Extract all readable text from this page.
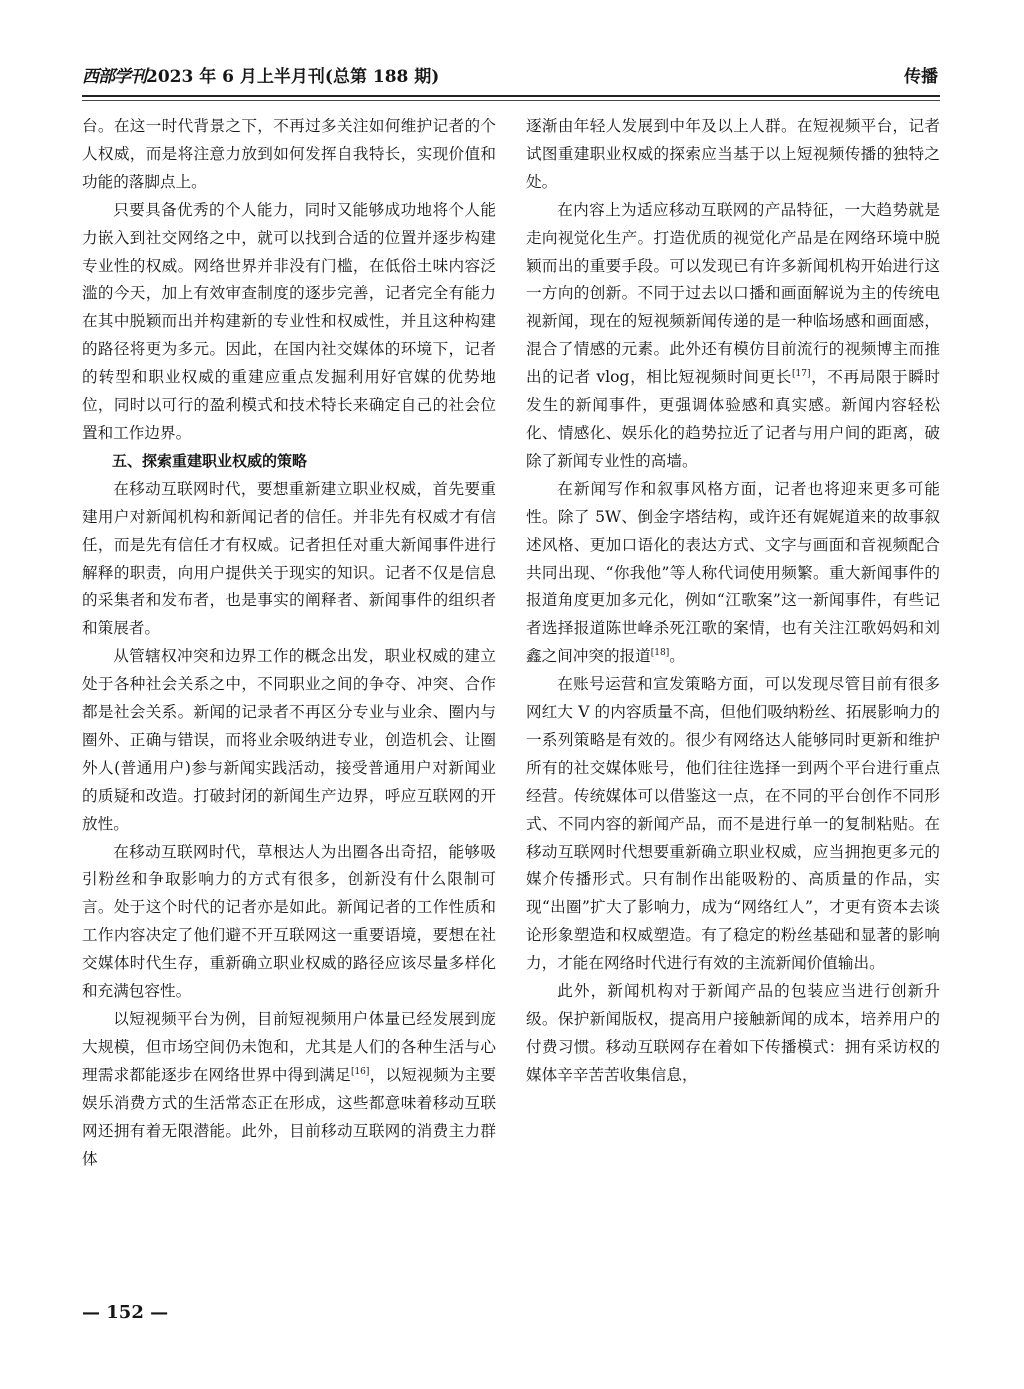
西部学刊2023 年 6 月上半月刊(总第 188 期)	传播

台。在这一时代背景之下，不再过多关注如何维护记者的个人权威，而是将注意力放到如何发挥自我特长，实现价值和功能的落脚点上。

只要具备优秀的个人能力，同时又能够成功地将个人能力嵌入到社交网络之中，就可以找到合适的位置并逐步构建专业性的权威。网络世界并非没有门槛，在低俗土味内容泛滥的今天，加上有效审查制度的逐步完善，记者完全有能力在其中脱颖而出并构建新的专业性和权威性，并且这种构建的路径将更为多元。因此，在国内社交媒体的环境下，记者的转型和职业权威的重建应重点发掘利用好官媒的优势地位，同时以可行的盈利模式和技术特长来确定自己的社会位置和工作边界。

五、探索重建职业权威的策略

在移动互联网时代，要想重新建立职业权威，首先要重建用户对新闻机构和新闻记者的信任。并非先有权威才有信任，而是先有信任才有权威。记者担任对重大新闻事件进行解释的职责，向用户提供关于现实的知识。记者不仅是信息的采集者和发布者，也是事实的阐释者、新闻事件的组织者和策展者。

从管辖权冲突和边界工作的概念出发，职业权威的建立处于各种社会关系之中，不同职业之间的争夺、冲突、合作都是社会关系。新闻的记录者不再区分专业与业余、圈内与圈外、正确与错误，而将业余吸纳进专业，创造机会、让圈外人(普通用户)参与新闻实践活动，接受普通用户对新闻业的质疑和改造。打破封闭的新闻生产边界，呼应互联网的开放性。

在移动互联网时代，草根达人为出圈各出奇招，能够吸引粉丝和争取影响力的方式有很多，创新没有什么限制可言。处于这个时代的记者亦是如此。新闻记者的工作性质和工作内容决定了他们避不开互联网这一重要语境，要想在社交媒体时代生存，重新确立职业权威的路径应该尽量多样化和充满包容性。

以短视频平台为例，目前短视频用户体量已经发展到庞大规模，但市场空间仍未饱和，尤其是人们的各种生活与心理需求都能逐步在网络世界中得到满足[16]，以短视频为主要娱乐消费方式的生活常态正在形成，这些都意味着移动互联网还拥有着无限潜能。此外，目前移动互联网的消费主力群体

逐渐由年轻人发展到中年及以上人群。在短视频平台，记者试图重建职业权威的探索应当基于以上短视频传播的独特之处。

在内容上为适应移动互联网的产品特征，一大趋势就是走向视觉化生产。打造优质的视觉化产品是在网络环境中脱颖而出的重要手段。可以发现已有许多新闻机构开始进行这一方向的创新。不同于过去以口播和画面解说为主的传统电视新闻，现在的短视频新闻传递的是一种临场感和画面感，混合了情感的元素。此外还有模仿目前流行的视频博主而推出的记者 vlog，相比短视频时间更长[17]，不再局限于瞬时发生的新闻事件，更强调体验感和真实感。新闻内容轻松化、情感化、娱乐化的趋势拉近了记者与用户间的距离，破除了新闻专业性的高墙。

在新闻写作和叙事风格方面，记者也将迎来更多可能性。除了 5W、倒金字塔结构，或许还有娓娓道来的故事叙述风格、更加口语化的表达方式、文字与画面和音视频配合共同出现、“你我他”等人称代词使用频繁。重大新闻事件的报道角度更加多元化，例如“江歌案”这一新闻事件，有些记者选择报道陈世峰杀死江歌的案情，也有关注江歌妈妈和刘鑫之间冲突的报道[18]。

在账号运营和宣发策略方面，可以发现尽管目前有很多网红大 V 的内容质量不高，但他们吸纳粉丝、拓展影响力的一系列策略是有效的。很少有网络达人能够同时更新和维护所有的社交媒体账号，他们往往选择一到两个平台进行重点经营。传统媒体可以借鉴这一点，在不同的平台创作不同形式、不同内容的新闻产品，而不是进行单一的复制粘贴。在移动互联网时代想要重新确立职业权威，应当拥抱更多元的媒介传播形式。只有制作出能吸粉的、高质量的作品，实现“出圈”扩大了影响力，成为“网络红人”，才更有资本去谈论形象塑造和权威塑造。有了稳定的粉丝基础和显著的影响力，才能在网络时代进行有效的主流新闻价值输出。

此外，新闻机构对于新闻产品的包装应当进行创新升级。保护新闻版权，提高用户接触新闻的成本，培养用户的付费习惯。移动互联网存在着如下传播模式：拥有采访权的媒体辛辛苦苦收集信息，

— 152 —
